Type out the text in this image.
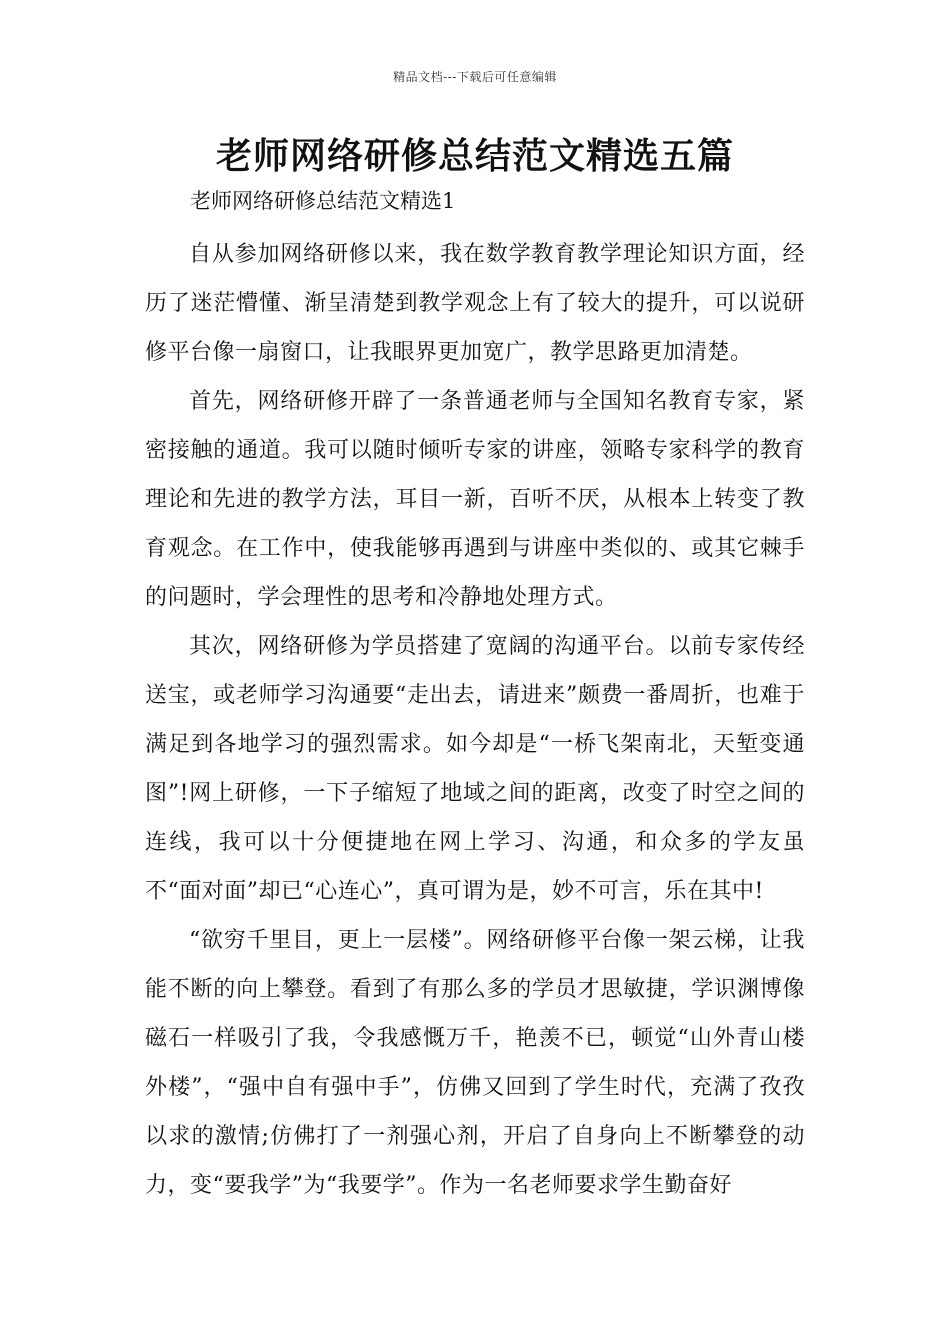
精品文档---下载后可任意编辑
老师网络研修总结范文精选五篇
老师网络研修总结范文精选1

自从参加网络研修以来，我在数学教育教学理论知识方面，经历了迷茫懵懂、渐呈清楚到教学观念上有了较大的提升，可以说研修平台像一扇窗口，让我眼界更加宽广，教学思路更加清楚。

首先，网络研修开辟了一条普通老师与全国知名教育专家，紧密接触的通道。我可以随时倾听专家的讲座，领略专家科学的教育理论和先进的教学方法，耳目一新，百听不厌，从根本上转变了教育观念。在工作中，使我能够再遇到与讲座中类似的、或其它棘手的问题时，学会理性的思考和冷静地处理方式。

其次，网络研修为学员搭建了宽阔的沟通平台。以前专家传经送宝，或老师学习沟通要“走出去，请进来”颇费一番周折，也难于满足到各地学习的强烈需求。如今却是“一桥飞架南北，天堑变通图”!网上研修，一下子缩短了地域之间的距离，改变了时空之间的连线，我可以十分便捷地在网上学习、沟通，和众多的学友虽不“面对面”却已“心连心”，真可谓为是，妙不可言，乐在其中!

“欲穷千里目，更上一层楼”。网络研修平台像一架云梯，让我能不断的向上攀登。看到了有那么多的学员才思敏捷，学识渊博像磁石一样吸引了我，令我感慨万千，艳羡不已，顿觉“山外青山楼外楼”，“强中自有强中手”，仿佛又回到了学生时代，充满了孜孜以求的激情;仿佛打了一剂强心剂，开启了自身向上不断攀登的动力，变“要我学”为“我要学”。作为一名老师要求学生勤奋好
